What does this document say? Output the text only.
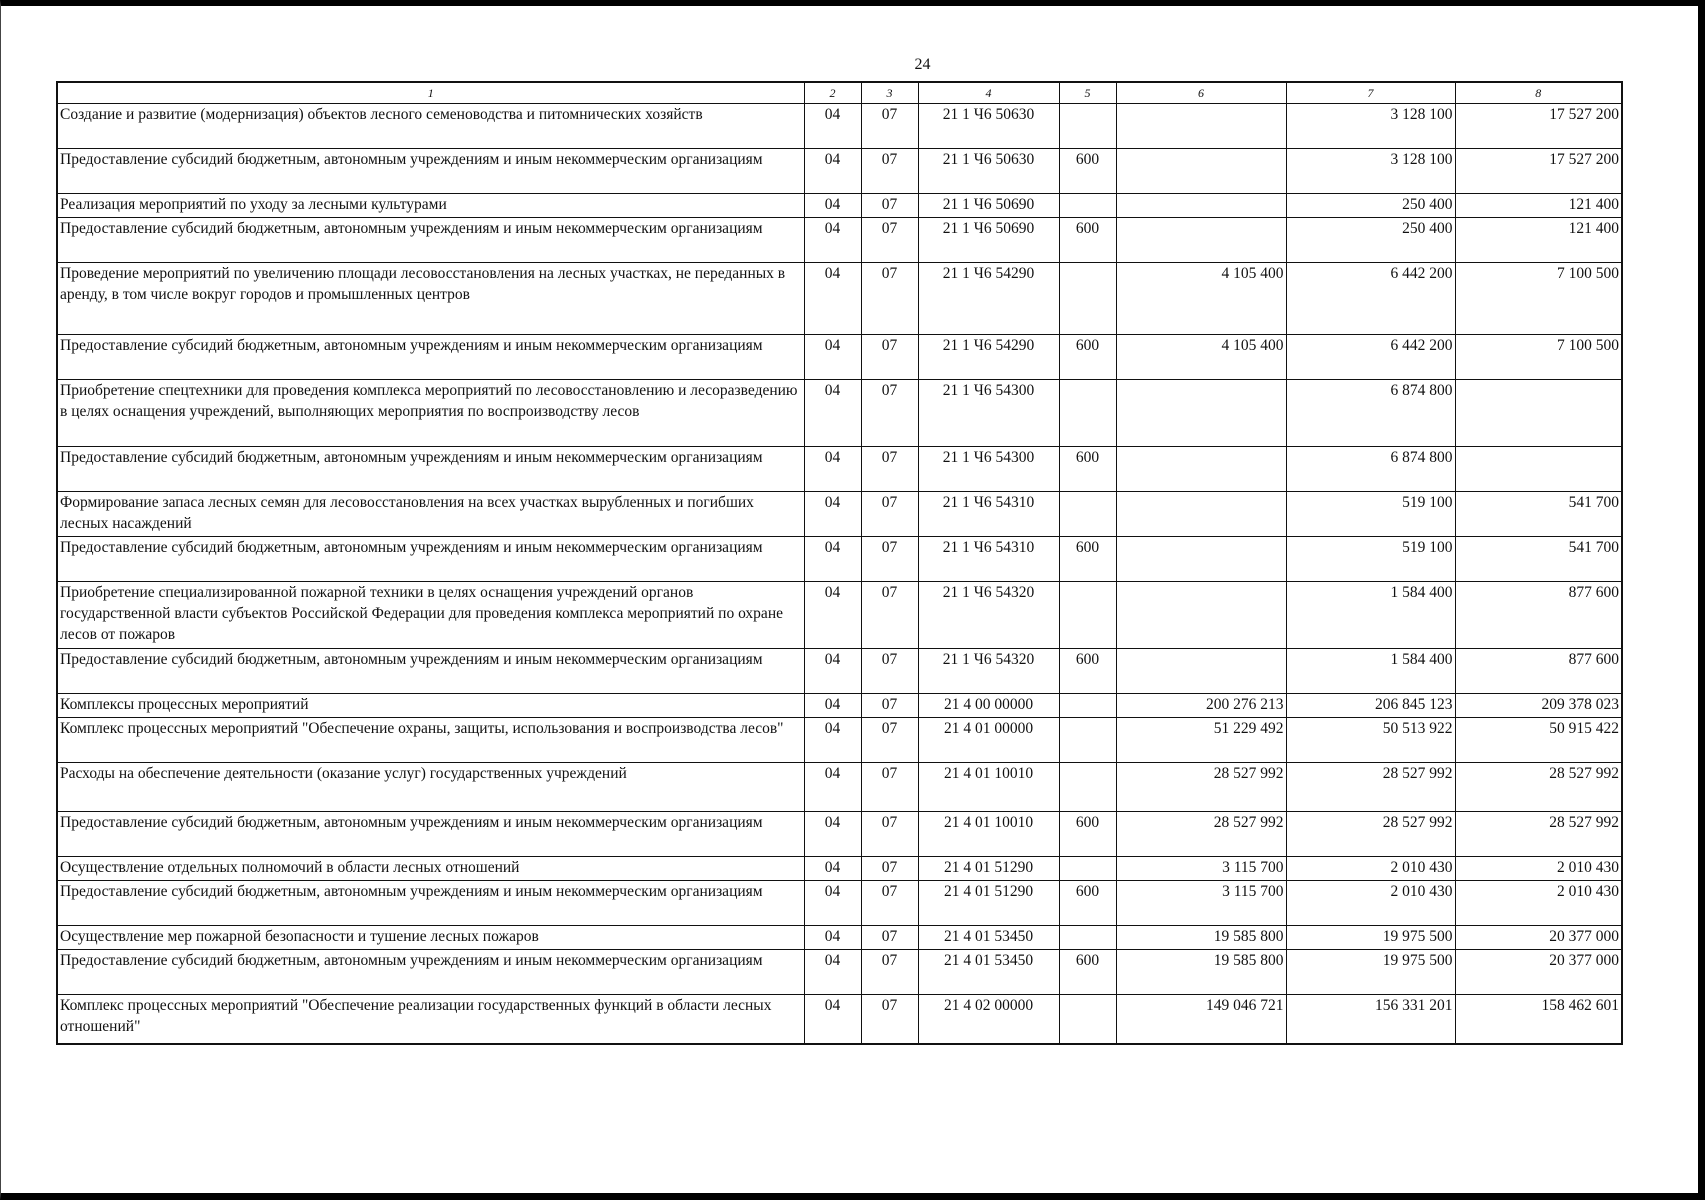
24
1	2	3	4	5	6	7	8
Создание и развитие (модернизация) объектов лесного семеноводства и питомнических хозяйств	04	07	21 1 Ч6 50630			3 128 100	17 527 200
Предоставление субсидий бюджетным, автономным учреждениям и иным некоммерческим организациям	04	07	21 1 Ч6 50630	600		3 128 100	17 527 200
Реализация мероприятий по уходу за лесными культурами	04	07	21 1 Ч6 50690			250 400	121 400
Предоставление субсидий бюджетным, автономным учреждениям и иным некоммерческим организациям	04	07	21 1 Ч6 50690	600		250 400	121 400
Проведение мероприятий по увеличению площади лесовосстановления на лесных участках, не переданных в аренду, в том числе вокруг городов и промышленных центров	04	07	21 1 Ч6 54290		4 105 400	6 442 200	7 100 500
Предоставление субсидий бюджетным, автономным учреждениям и иным некоммерческим организациям	04	07	21 1 Ч6 54290	600	4 105 400	6 442 200	7 100 500
Приобретение спецтехники для проведения комплекса мероприятий по лесовосстановлению и лесоразведению в целях оснащения учреждений, выполняющих мероприятия по воспроизводству лесов	04	07	21 1 Ч6 54300			6 874 800	
Предоставление субсидий бюджетным, автономным учреждениям и иным некоммерческим организациям	04	07	21 1 Ч6 54300	600		6 874 800	
Формирование запаса лесных семян для лесовосстановления на всех участках вырубленных и погибших лесных насаждений	04	07	21 1 Ч6 54310			519 100	541 700
Предоставление субсидий бюджетным, автономным учреждениям и иным некоммерческим организациям	04	07	21 1 Ч6 54310	600		519 100	541 700
Приобретение специализированной пожарной техники в целях оснащения учреждений органов государственной власти субъектов Российской Федерации для проведения комплекса мероприятий по охране лесов от пожаров	04	07	21 1 Ч6 54320			1 584 400	877 600
Предоставление субсидий бюджетным, автономным учреждениям и иным некоммерческим организациям	04	07	21 1 Ч6 54320	600		1 584 400	877 600
Комплексы процессных мероприятий	04	07	21 4 00 00000		200 276 213	206 845 123	209 378 023
Комплекс процессных мероприятий "Обеспечение охраны, защиты, использования и воспроизводства лесов"	04	07	21 4 01 00000		51 229 492	50 513 922	50 915 422
Расходы на обеспечение деятельности (оказание услуг) государственных учреждений	04	07	21 4 01 10010		28 527 992	28 527 992	28 527 992
Предоставление субсидий бюджетным, автономным учреждениям и иным некоммерческим организациям	04	07	21 4 01 10010	600	28 527 992	28 527 992	28 527 992
Осуществление отдельных полномочий в области лесных отношений	04	07	21 4 01 51290		3 115 700	2 010 430	2 010 430
Предоставление субсидий бюджетным, автономным учреждениям и иным некоммерческим организациям	04	07	21 4 01 51290	600	3 115 700	2 010 430	2 010 430
Осуществление мер пожарной безопасности и тушение лесных пожаров	04	07	21 4 01 53450		19 585 800	19 975 500	20 377 000
Предоставление субсидий бюджетным, автономным учреждениям и иным некоммерческим организациям	04	07	21 4 01 53450	600	19 585 800	19 975 500	20 377 000
Комплекс процессных мероприятий "Обеспечение реализации государственных функций в области лесных отношений"	04	07	21 4 02 00000		149 046 721	156 331 201	158 462 601
